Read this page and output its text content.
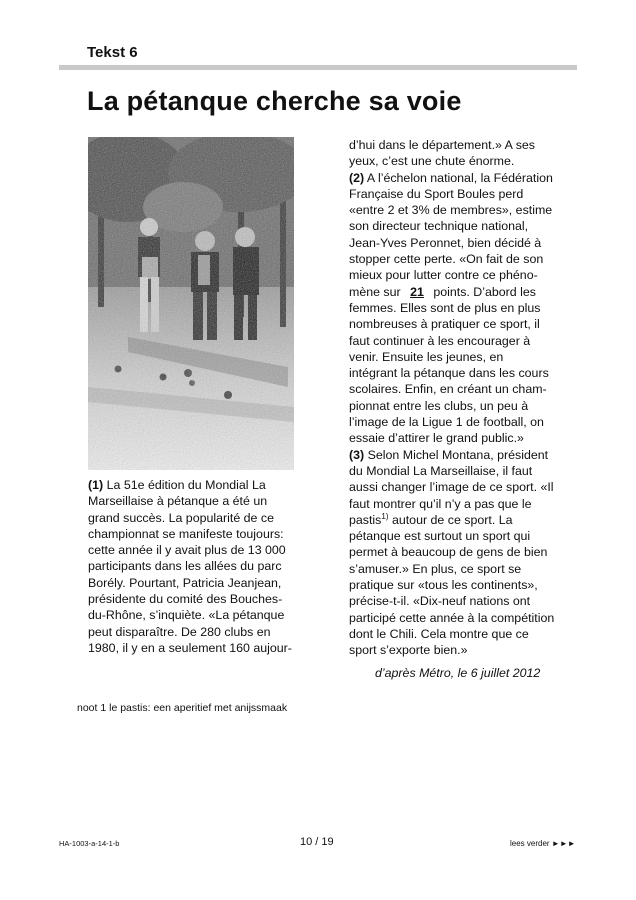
Tekst 6
La pétanque cherche sa voie

(1) La 51e édition du Mondial La

Marseillaise à pétanque a été un

grand succès. La popularité de ce

championnat se manifeste toujours:

cette année il y avait plus de 13 000

participants dans les allées du parc

Borély. Pourtant, Patricia Jeanjean,

présidente du comité des Bouches-

du-Rhône, s’inquiète. «La pétanque

peut disparaître. De 280 clubs en

1980, il y en a seulement 160 aujour-

d’hui dans le département.» A ses

yeux, c’est une chute énorme.

(2) A l’échelon national, la Fédération

Française du Sport Boules perd

«entre 2 et 3% de membres», estime

son directeur technique national,

Jean-Yves Peronnet, bien décidé à

stopper cette perte. «On fait de son

mieux pour lutter contre ce phéno-

mène sur 21 points. D’abord les

femmes. Elles sont de plus en plus

nombreuses à pratiquer ce sport, il

faut continuer à les encourager à

venir. Ensuite les jeunes, en

intégrant la pétanque dans les cours

scolaires. Enfin, en créant un cham-

pionnat entre les clubs, un peu à

l’image de la Ligue 1 de football, on

essaie d’attirer le grand public.»

(3) Selon Michel Montana, président

du Mondial La Marseillaise, il faut

aussi changer l’image de ce sport. «Il

faut montrer qu’il n’y a pas que le

pastis$^{1)}$ autour de ce sport. La

pétanque est surtout un sport qui

permet à beaucoup de gens de bien

s’amuser.» En plus, ce sport se

pratique sur «tous les continents»,

précise-t-il. «Dix-neuf nations ont

participé cette année à la compétition

dont le Chili. Cela montre que ce

sport s’exporte bien.»

d’après Métro, le 6 juillet 2012
noot 1 le pastis: een aperitief met anijssmaak
HA-1003-a-14-1-b	10 / 19	lees verder ►►►
